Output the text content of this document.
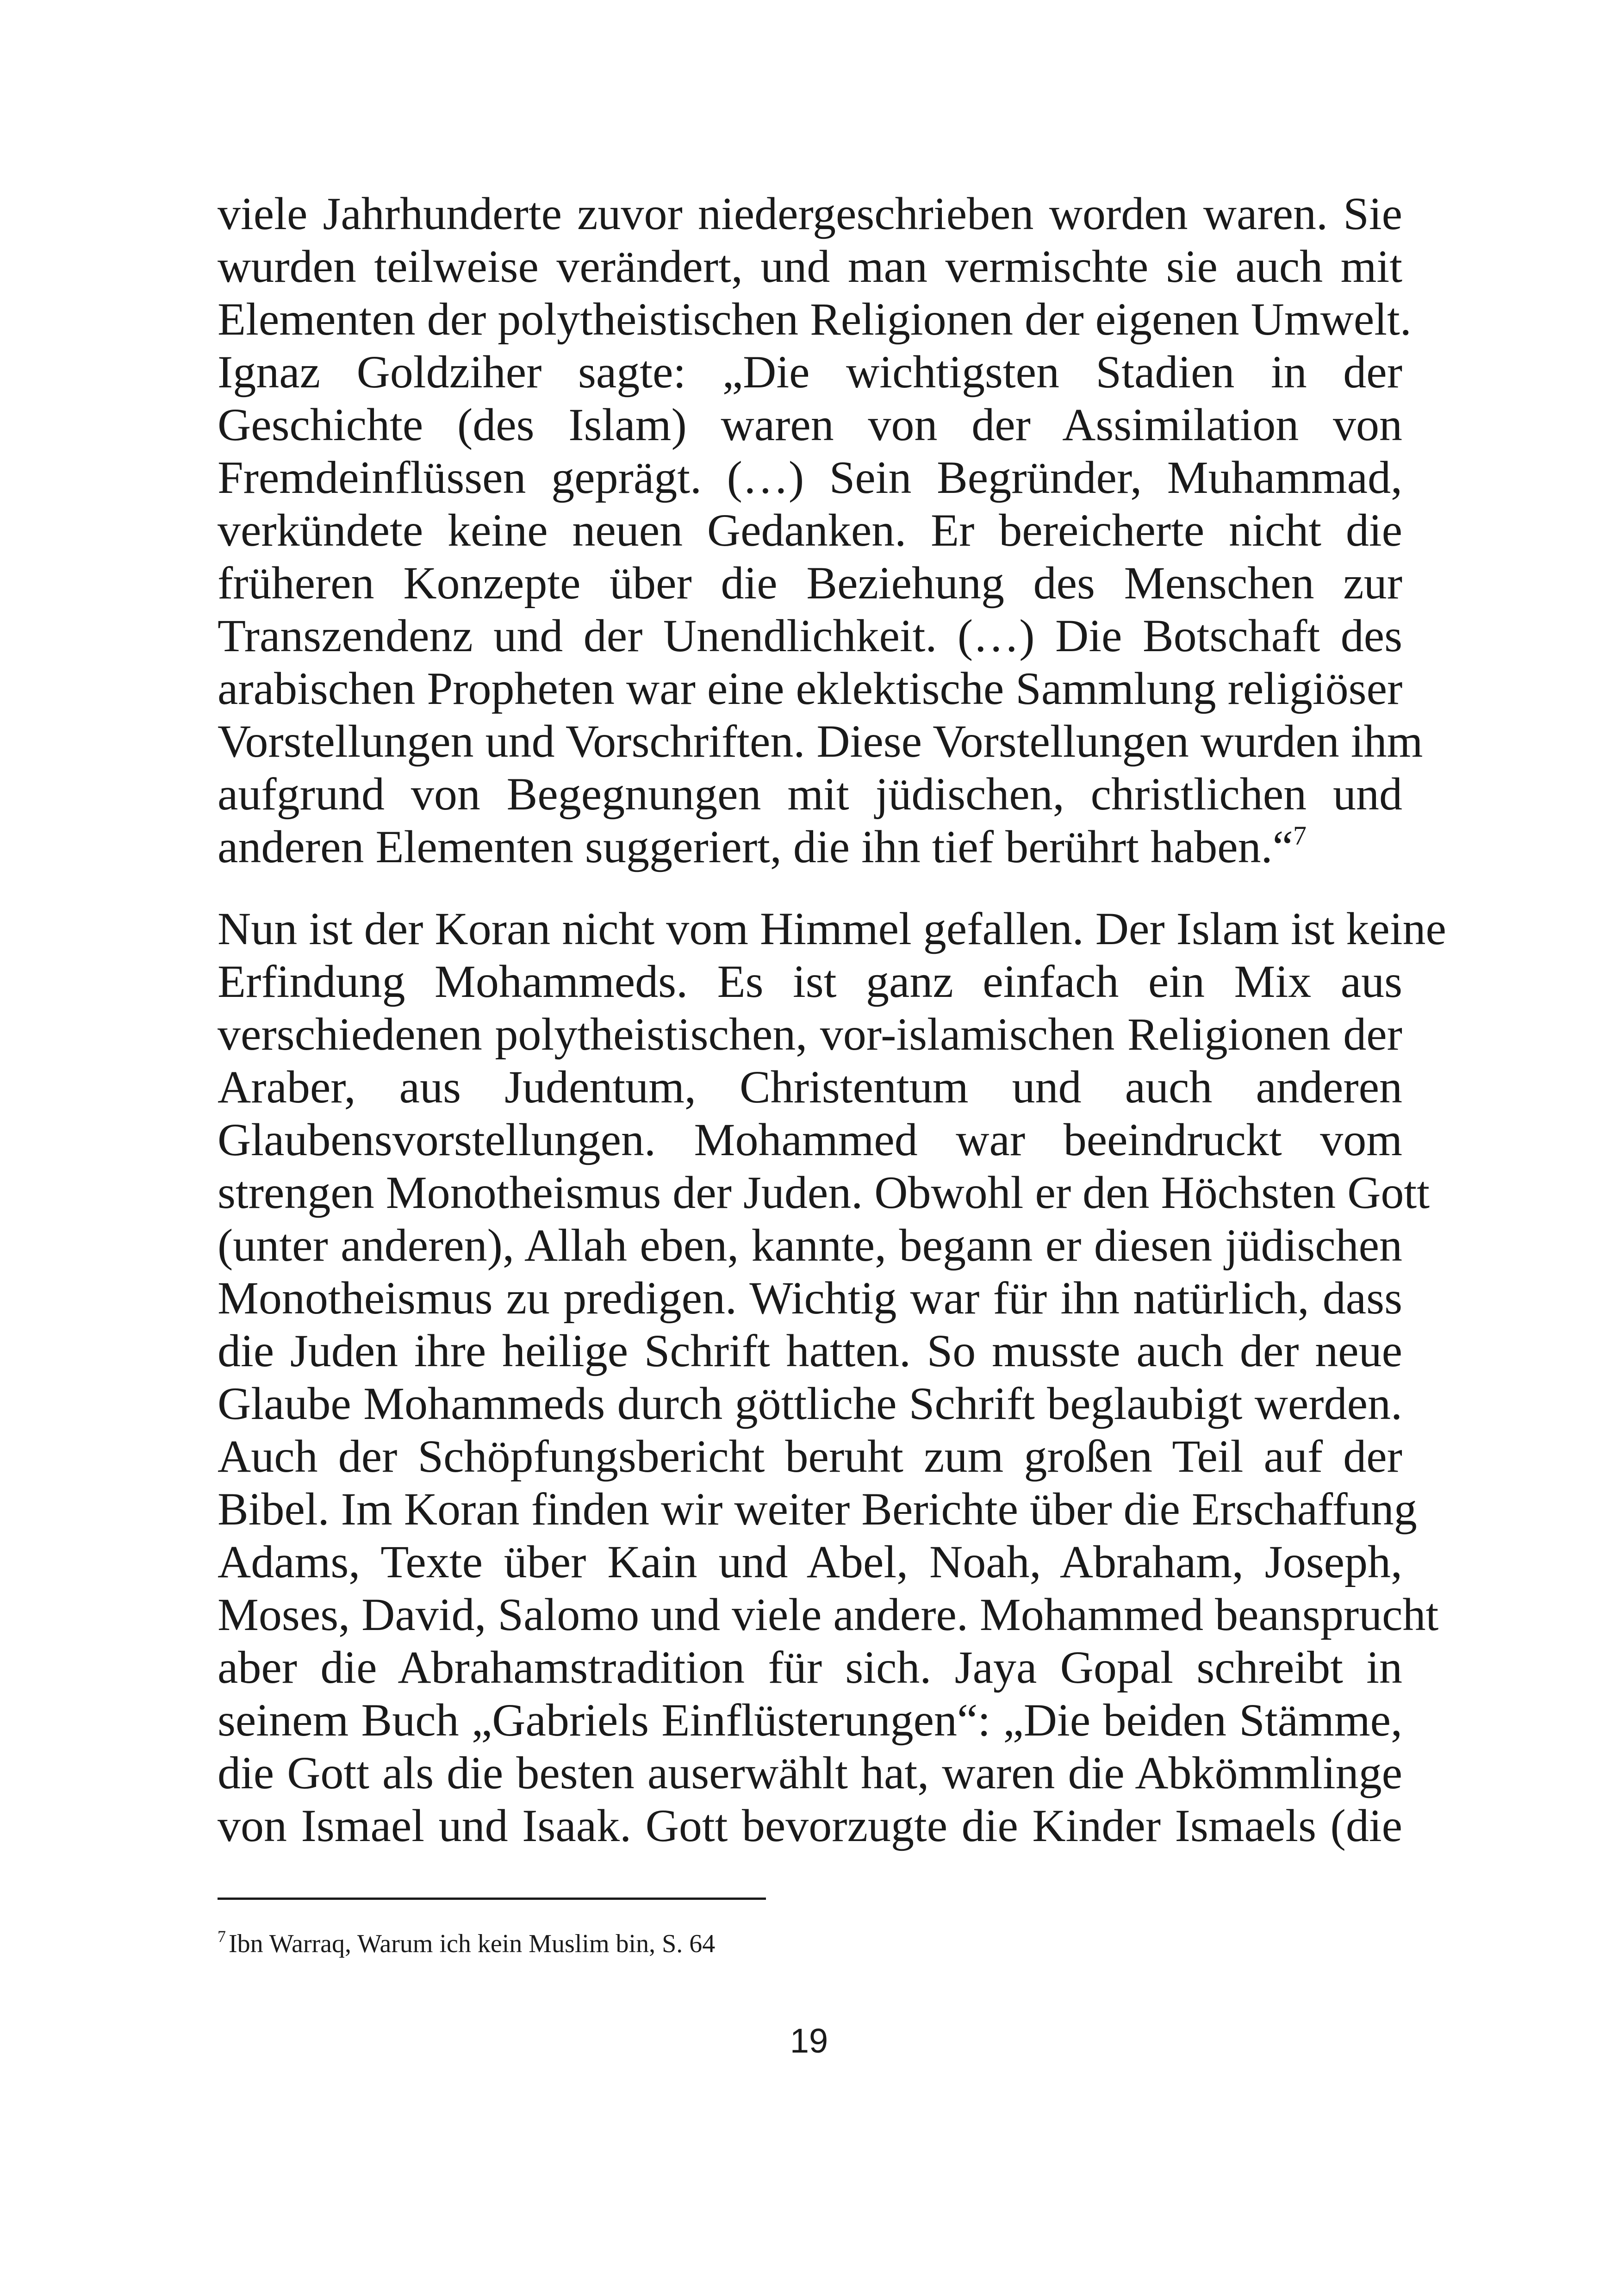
viele Jahrhunderte zuvor niedergeschrieben worden waren. Sie
wurden teilweise verändert, und man vermischte sie auch mit
Elementen der polytheistischen Religionen der eigenen Umwelt.
Ignaz Goldziher sagte: „Die wichtigsten Stadien in der
Geschichte (des Islam) waren von der Assimilation von
Fremdeinflüssen geprägt. (…) Sein Begründer, Muhammad,
verkündete keine neuen Gedanken. Er bereicherte nicht die
früheren Konzepte über die Beziehung des Menschen zur
Transzendenz und der Unendlichkeit. (…) Die Botschaft des
arabischen Propheten war eine eklektische Sammlung religiöser
Vorstellungen und Vorschriften. Diese Vorstellungen wurden ihm
aufgrund von Begegnungen mit jüdischen, christlichen und
anderen Elementen suggeriert, die ihn tief berührt haben.“$^7$
Nun ist der Koran nicht vom Himmel gefallen. Der Islam ist keine
Erfindung Mohammeds. Es ist ganz einfach ein Mix aus
verschiedenen polytheistischen, vor-islamischen Religionen der
Araber, aus Judentum, Christentum und auch anderen
Glaubensvorstellungen. Mohammed war beeindruckt vom
strengen Monotheismus der Juden. Obwohl er den Höchsten Gott
(unter anderen), Allah eben, kannte, begann er diesen jüdischen
Monotheismus zu predigen. Wichtig war für ihn natürlich, dass
die Juden ihre heilige Schrift hatten. So musste auch der neue
Glaube Mohammeds durch göttliche Schrift beglaubigt werden.
Auch der Schöpfungsbericht beruht zum großen Teil auf der
Bibel. Im Koran finden wir weiter Berichte über die Erschaffung
Adams, Texte über Kain und Abel, Noah, Abraham, Joseph,
Moses, David, Salomo und viele andere. Mohammed beansprucht
aber die Abrahamstradition für sich. Jaya Gopal schreibt in
seinem Buch „Gabriels Einflüsterungen“: „Die beiden Stämme,
die Gott als die besten auserwählt hat, waren die Abkömmlinge
von Ismael und Isaak. Gott bevorzugte die Kinder Ismaels (die
$^7$ Ibn Warraq, Warum ich kein Muslim bin, S. 64
19
